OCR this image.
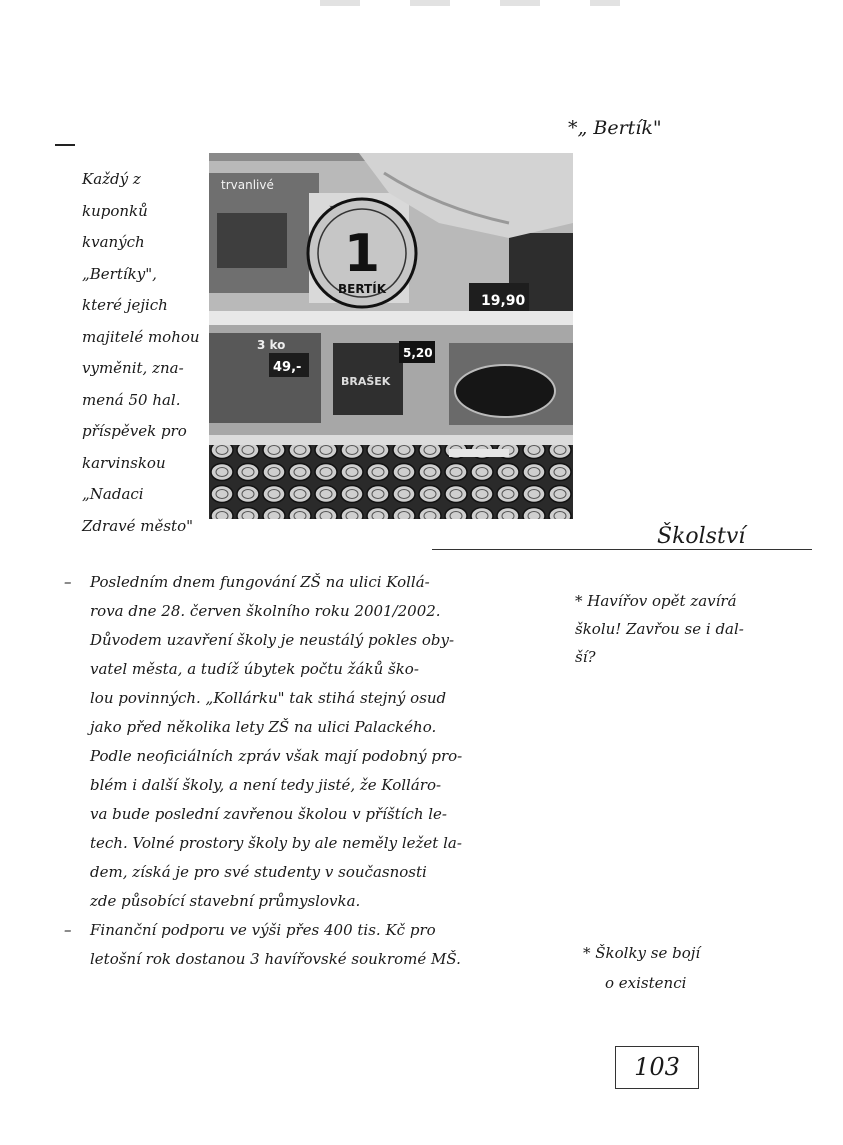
*„ Bertík"
Každý z
kuponků
kvaných
„Bertíky",
které jejich
majitelé mohou
vyměnit, zna-
mená 50 hal.
příspěvek pro
karvinskou
„Nadaci
Zdravé město"
19,90
trvanlivé
1
BERTÍK
3 ko
49,-
BRAŠEK
5,20
Školství
– Posledním dnem fungování ZŠ na ulici Kollá-
rova dne 28. červen školního roku 2001/2002.
Důvodem uzavření školy je neustálý pokles oby-
vatel města, a tudíž úbytek počtu žáků ško-
lou povinných. „Kollárku" tak stihá stejný osud
jako před několika lety ZŠ na ulici Palackého.
Podle neoficiálních zpráv však mají podobný pro-
blém i další školy, a není tedy jisté, že Kolláro-
va bude poslední zavřenou školou v příštích le-
tech. Volné prostory školy by ale neměly ležet la-
dem, získá je pro své studenty v současnosti
zde působící stavební průmyslovka.
– Finanční podporu ve výši přes 400 tis. Kč pro
letošní rok dostanou 3 havířovské soukromé MŠ.
* Havířov opět zavírá
školu! Zavřou se i dal-
ší?
* Školky se bojí
o existenci
103
